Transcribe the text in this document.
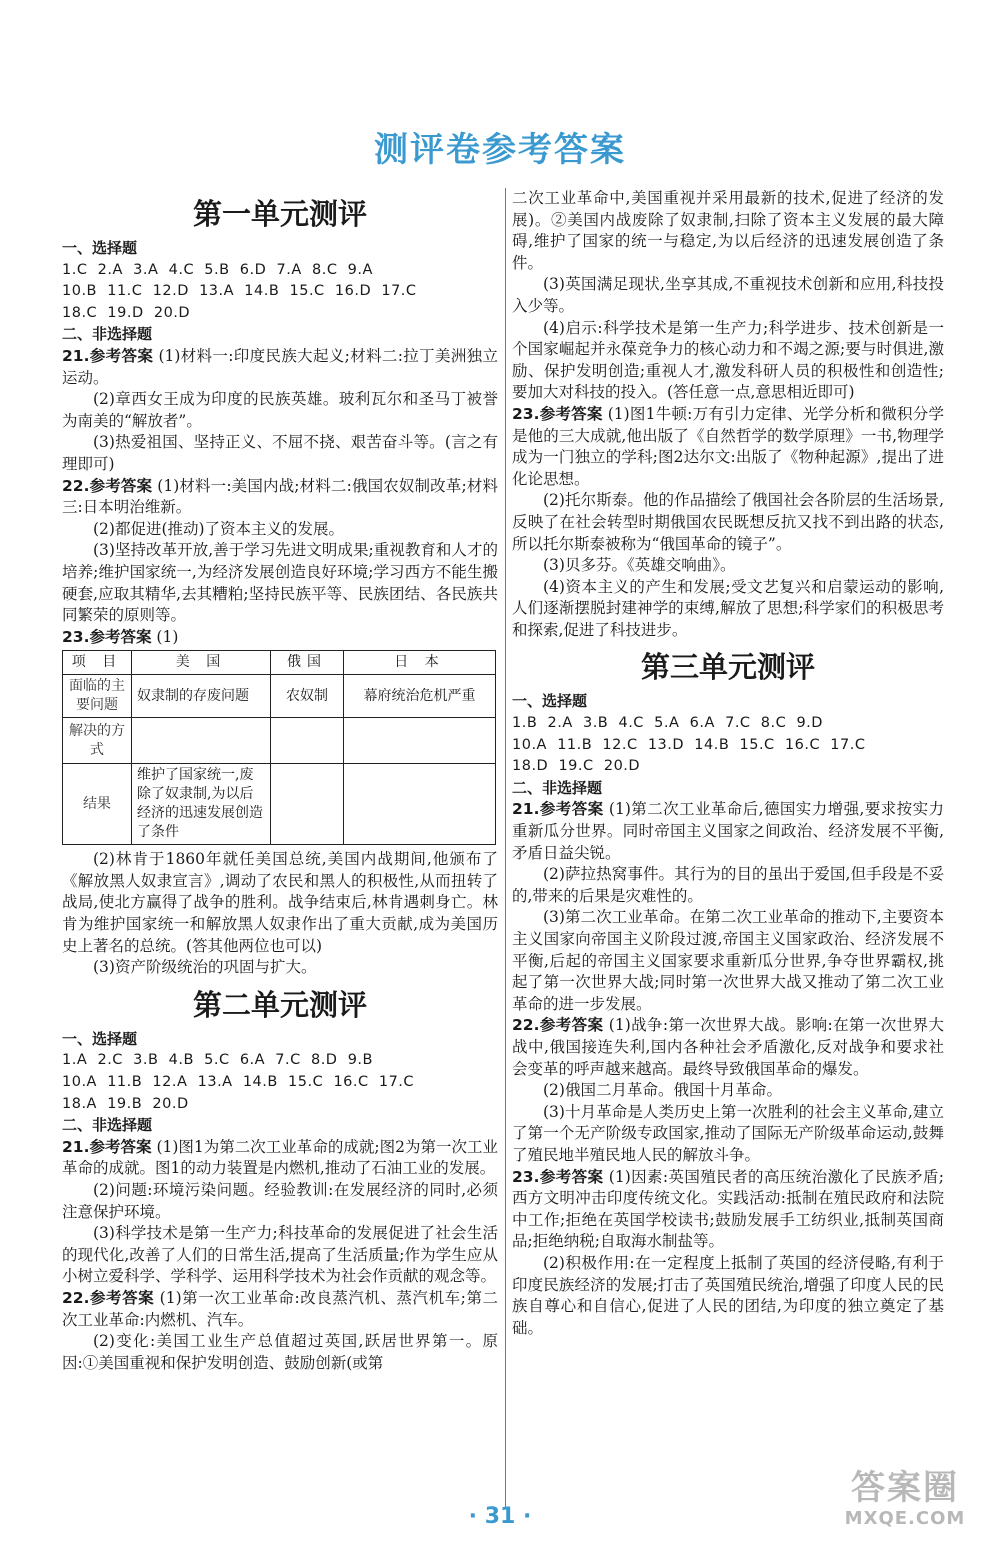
测评卷参考答案
第一单元测评
一、选择题
1.C  2.A  3.A  4.C  5.B  6.D  7.A  8.C  9.A
10.B  11.C  12.D  13.A  14.B  15.C  16.D  17.C
18.C  19.D  20.D
二、非选择题

21.参考答案 (1)材料一:印度民族大起义;材料二:拉丁美洲独立运动。

(2)章西女王成为印度的民族英雄。玻利瓦尔和圣马丁被誉为南美的“解放者”。

(3)热爱祖国、坚持正义、不屈不挠、艰苦奋斗等。(言之有理即可)

22.参考答案 (1)材料一:美国内战;材料二:俄国农奴制改革;材料三:日本明治维新。

(2)都促进(推动)了资本主义的发展。

(3)坚持改革开放,善于学习先进文明成果;重视教育和人才的培养;维护国家统一,为经济发展创造良好环境;学习西方不能生搬硬套,应取其精华,去其糟粕;坚持民族平等、民族团结、各民族共同繁荣的原则等。

23.参考答案 (1)

项 目	美 国	俄国	日 本
面临的主要问题	奴隶制的存废问题	农奴制	幕府统治危机严重
解决的方式			
结果	维护了国家统一,废除了奴隶制,为以后经济的迅速发展创造了条件		

(2)林肯于1860年就任美国总统,美国内战期间,他颁布了《解放黑人奴隶宣言》,调动了农民和黑人的积极性,从而扭转了战局,使北方赢得了战争的胜利。战争结束后,林肯遇刺身亡。林肯为维护国家统一和解放黑人奴隶作出了重大贡献,成为美国历史上著名的总统。(答其他两位也可以)

(3)资产阶级统治的巩固与扩大。

第二单元测评
一、选择题
1.A  2.C  3.B  4.B  5.C  6.A  7.C  8.D  9.B
10.A  11.B  12.A  13.A  14.B  15.C  16.C  17.C
18.A  19.B  20.D
二、非选择题

21.参考答案 (1)图1为第二次工业革命的成就;图2为第一次工业革命的成就。图1的动力装置是内燃机,推动了石油工业的发展。

(2)问题:环境污染问题。经验教训:在发展经济的同时,必须注意保护环境。

(3)科学技术是第一生产力;科技革命的发展促进了社会生活的现代化,改善了人们的日常生活,提高了生活质量;作为学生应从小树立爱科学、学科学、运用科学技术为社会作贡献的观念等。

22.参考答案 (1)第一次工业革命:改良蒸汽机、蒸汽机车;第二次工业革命:内燃机、汽车。

(2)变化:美国工业生产总值超过英国,跃居世界第一。原因:①美国重视和保护发明创造、鼓励创新(或第

二次工业革命中,美国重视并采用最新的技术,促进了经济的发展)。②美国内战废除了奴隶制,扫除了资本主义发展的最大障碍,维护了国家的统一与稳定,为以后经济的迅速发展创造了条件。

(3)英国满足现状,坐享其成,不重视技术创新和应用,科技投入少等。

(4)启示:科学技术是第一生产力;科学进步、技术创新是一个国家崛起并永葆竞争力的核心动力和不竭之源;要与时俱进,激励、保护发明创造;重视人才,激发科研人员的积极性和创造性;要加大对科技的投入。(答任意一点,意思相近即可)

23.参考答案 (1)图1牛顿:万有引力定律、光学分析和微积分学是他的三大成就,他出版了《自然哲学的数学原理》一书,物理学成为一门独立的学科;图2达尔文:出版了《物种起源》,提出了进化论思想。

(2)托尔斯泰。他的作品描绘了俄国社会各阶层的生活场景,反映了在社会转型时期俄国农民既想反抗又找不到出路的状态,所以托尔斯泰被称为“俄国革命的镜子”。

(3)贝多芬。《英雄交响曲》。

(4)资本主义的产生和发展;受文艺复兴和启蒙运动的影响,人们逐渐摆脱封建神学的束缚,解放了思想;科学家们的积极思考和探索,促进了科技进步。

第三单元测评
一、选择题
1.B  2.A  3.B  4.C  5.A  6.A  7.C  8.C  9.D
10.A  11.B  12.C  13.D  14.B  15.C  16.C  17.C
18.D  19.C  20.D
二、非选择题

21.参考答案 (1)第二次工业革命后,德国实力增强,要求按实力重新瓜分世界。同时帝国主义国家之间政治、经济发展不平衡,矛盾日益尖锐。

(2)萨拉热窝事件。其行为的目的虽出于爱国,但手段是不妥的,带来的后果是灾难性的。

(3)第二次工业革命。在第二次工业革命的推动下,主要资本主义国家向帝国主义阶段过渡,帝国主义国家政治、经济发展不平衡,后起的帝国主义国家要求重新瓜分世界,争夺世界霸权,挑起了第一次世界大战;同时第一次世界大战又推动了第二次工业革命的进一步发展。

22.参考答案 (1)战争:第一次世界大战。影响:在第一次世界大战中,俄国接连失利,国内各种社会矛盾激化,反对战争和要求社会变革的呼声越来越高。最终导致俄国革命的爆发。

(2)俄国二月革命。俄国十月革命。

(3)十月革命是人类历史上第一次胜利的社会主义革命,建立了第一个无产阶级专政国家,推动了国际无产阶级革命运动,鼓舞了殖民地半殖民地人民的解放斗争。

23.参考答案 (1)因素:英国殖民者的高压统治激化了民族矛盾;西方文明冲击印度传统文化。实践活动:抵制在殖民政府和法院中工作;拒绝在英国学校读书;鼓励发展手工纺织业,抵制英国商品;拒绝纳税;自取海水制盐等。

(2)积极作用:在一定程度上抵制了英国的经济侵略,有利于印度民族经济的发展;打击了英国殖民统治,增强了印度人民的民族自尊心和自信心,促进了人民的团结,为印度的独立奠定了基础。

· 31 ·
答案圈
MXQE.COM
